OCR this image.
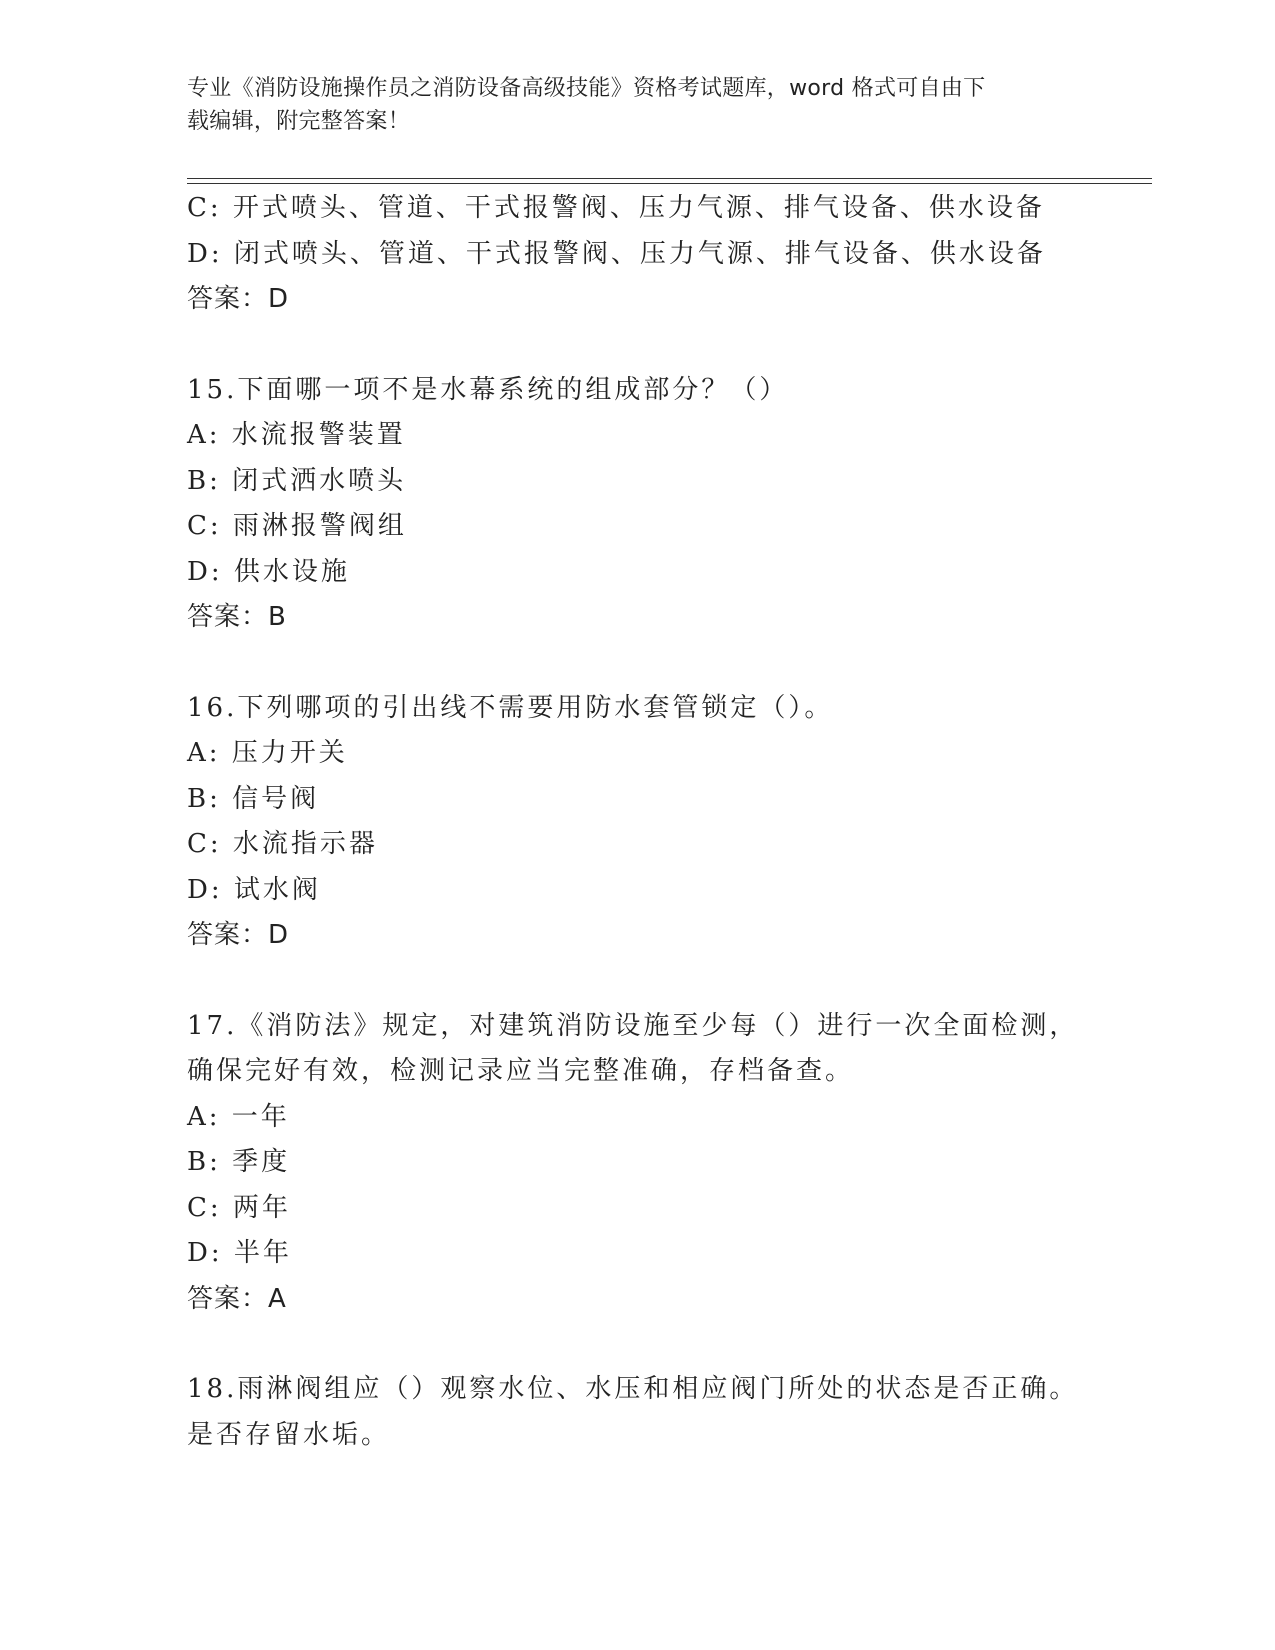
专业《消防设施操作员之消防设备高级技能》资格考试题库，word 格式可自由下
载编辑，附完整答案！
C: 开式喷头、管道、干式报警阀、压力气源、排气设备、供水设备
D: 闭式喷头、管道、干式报警阀、压力气源、排气设备、供水设备
答案：D
15.下面哪一项不是水幕系统的组成部分？（）
A: 水流报警装置
B: 闭式洒水喷头
C: 雨淋报警阀组
D: 供水设施
答案：B
16.下列哪项的引出线不需要用防水套管锁定（）。
A: 压力开关
B: 信号阀
C: 水流指示器
D: 试水阀
答案：D
17.《消防法》规定，对建筑消防设施至少每（）进行一次全面检测，
确保完好有效，检测记录应当完整准确，存档备查。
A: 一年
B: 季度
C: 两年
D: 半年
答案：A
18.雨淋阀组应（）观察水位、水压和相应阀门所处的状态是否正确。
是否存留水垢。
